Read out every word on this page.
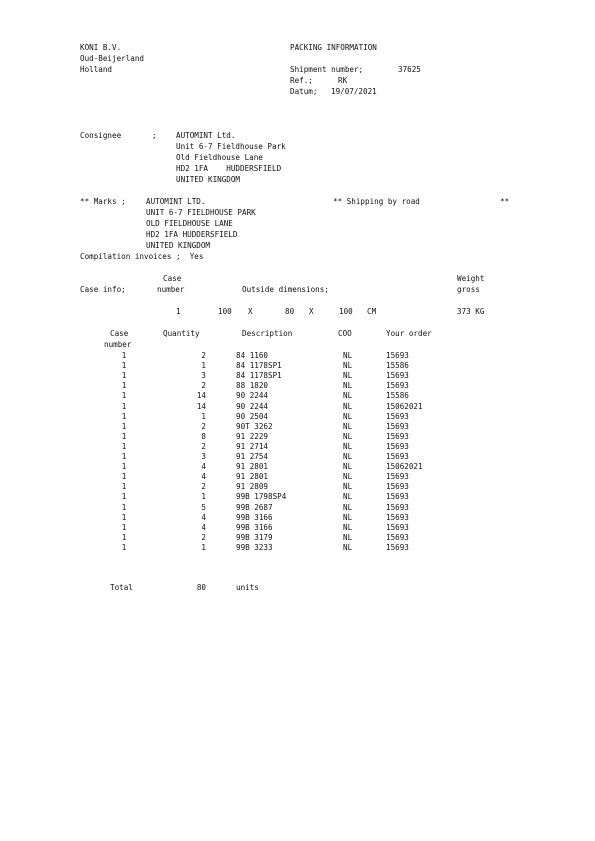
KONI B.V.
Oud-Beijerland
Holland
PACKING INFORMATION
Shipment number;	37625
Ref.;	RK
Datum; 19/07/2021
Consignee	;	AUTOMINT Ltd.
Unit 6-7 Fieldhouse Park
Old Fieldhouse Lane
HD2 1FA    HUDDERSFIELD
UNITED KINGDOM
** Marks ;	AUTOMINT LTD.
UNIT 6-7 FIELDHOUSE PARK
OLD FIELDHOUSE LANE
HD2 1FA HUDDERSFIELD
UNITED KINGDOM
** Shipping by road	**
Compilation invoices ;  Yes
Case	Weight
Case info;	number	Outside dimensions;	gross
1	100 X	80 X	100 CM	373 KG
Case
number
Quantity	Description	COO	Your order
1	2	84 1160	NL	15693
1	1	84 1178SP1	NL	15586
1	3	84 1178SP1	NL	15693
1	2	88 1820	NL	15693
1	14	90 2244	NL	15586
1	14	90 2244	NL	15062021
1	1	90 2504	NL	15693
1	2	90T 3262	NL	15693
1	8	91 2229	NL	15693
1	2	91 2714	NL	15693
1	3	91 2754	NL	15693
1	4	91 2801	NL	15062021
1	4	91 2801	NL	15693
1	2	91 2809	NL	15693
1	1	99B 1798SP4	NL	15693
1	5	99B 2687	NL	15693
1	4	99B 3166	NL	15693
1	4	99B 3166	NL	15693
1	2	99B 3179	NL	15693
1	1	99B 3233	NL	15693
Total	80	units
